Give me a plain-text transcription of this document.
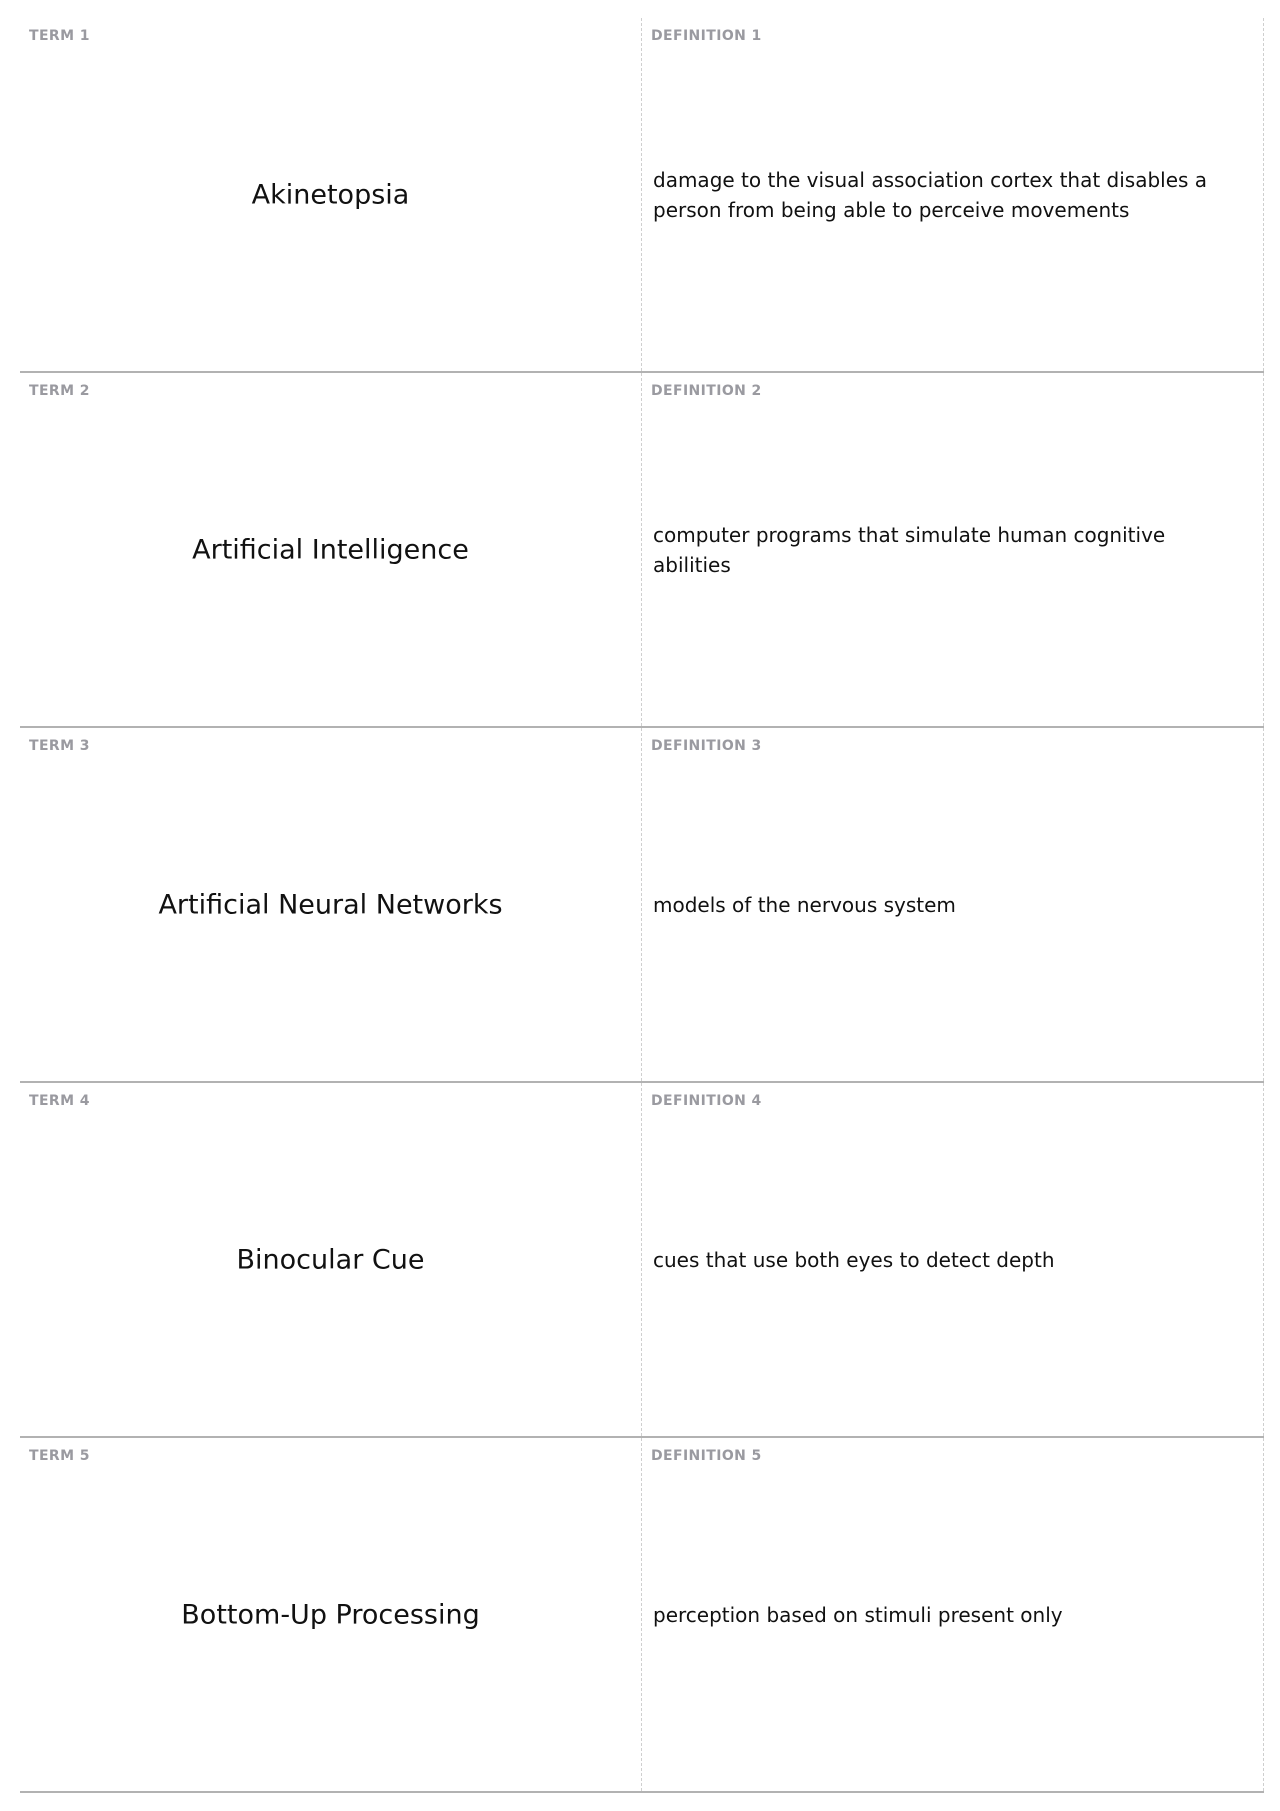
TERM 1
Akinetopsia
DEFINITION 1
damage to the visual association cortex that disables a person from being able to perceive movements
TERM 2
Artificial Intelligence
DEFINITION 2
computer programs that simulate human cognitive abilities
TERM 3
Artificial Neural Networks
DEFINITION 3
models of the nervous system
TERM 4
Binocular Cue
DEFINITION 4
cues that use both eyes to detect depth
TERM 5
Bottom-Up Processing
DEFINITION 5
perception based on stimuli present only
